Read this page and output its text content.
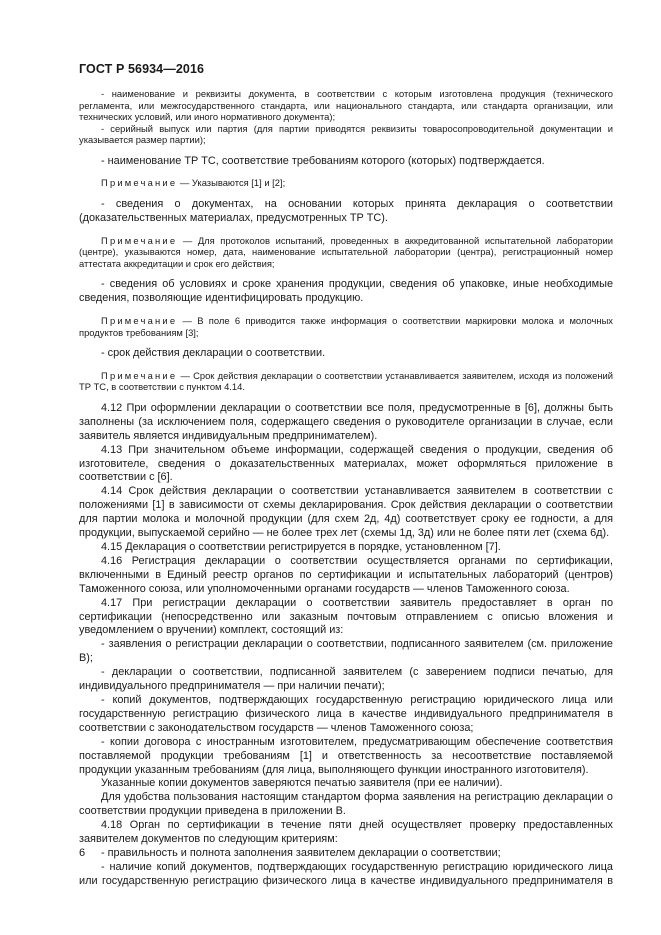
ГОСТ Р 56934—2016

- наименование и реквизиты документа, в соответствии с которым изготовлена продукция (технического регламента, или межгосударственного стандарта, или национального стандарта, или стандарта организации, или технических условий, или иного нормативного документа);

- серийный выпуск или партия (для партии приводятся реквизиты товаросопроводительной документации и указывается размер партии);

- наименование ТР ТС, соответствие требованиям которого (которых) подтверждается.

Примечание — Указываются [1] и [2];

- сведения о документах, на основании которых принята декларация о соответствии (доказательственных материалах, предусмотренных ТР ТС).

Примечание — Для протоколов испытаний, проведенных в аккредитованной испытательной лаборатории (центре), указываются номер, дата, наименование испытательной лаборатории (центра), регистрационный номер аттестата аккредитации и срок его действия;

- сведения об условиях и сроке хранения продукции, сведения об упаковке, иные необходимые сведения, позволяющие идентифицировать продукцию.

Примечание — В поле 6 приводится также информация о соответствии маркировки молока и молочных продуктов требованиям [3];

- срок действия декларации о соответствии.

Примечание — Срок действия декларации о соответствии устанавливается заявителем, исходя из положений ТР ТС, в соответствии с пунктом 4.14.

4.12 При оформлении декларации о соответствии все поля, предусмотренные в [6], должны быть заполнены (за исключением поля, содержащего сведения о руководителе организации в случае, если заявитель является индивидуальным предпринимателем).

4.13 При значительном объеме информации, содержащей сведения о продукции, сведения об изготовителе, сведения о доказательственных материалах, может оформляться приложение в соответствии с [6].

4.14 Срок действия декларации о соответствии устанавливается заявителем в соответствии с положениями [1] в зависимости от схемы декларирования. Срок действия декларации о соответствии для партии молока и молочной продукции (для схем 2д, 4д) соответствует сроку ее годности, а для продукции, выпускаемой серийно — не более трех лет (схемы 1д, 3д) или не более пяти лет (схема 6д).

4.15 Декларация о соответствии регистрируется в порядке, установленном [7].

4.16 Регистрация декларации о соответствии осуществляется органами по сертификации, включенными в Единый реестр органов по сертификации и испытательных лабораторий (центров) Таможенного союза, или уполномоченными органами государств — членов Таможенного союза.

4.17 При регистрации декларации о соответствии заявитель предоставляет в орган по сертификации (непосредственно или заказным почтовым отправлением с описью вложения и уведомлением о вручении) комплект, состоящий из:

- заявления о регистрации декларации о соответствии, подписанного заявителем (см. приложение В);

- декларации о соответствии, подписанной заявителем (с заверением подписи печатью, для индивидуального предпринимателя — при наличии печати);

- копий документов, подтверждающих государственную регистрацию юридического лица или государственную регистрацию физического лица в качестве индивидуального предпринимателя в соответствии с законодательством государств — членов Таможенного союза;

- копии договора с иностранным изготовителем, предусматривающим обеспечение соответствия поставляемой продукции требованиям [1] и ответственность за несоответствие поставляемой продукции указанным требованиям (для лица, выполняющего функции иностранного изготовителя).

Указанные копии документов заверяются печатью заявителя (при ее наличии).

Для удобства пользования настоящим стандартом форма заявления на регистрацию декларации о соответствии продукции приведена в приложении В.

4.18 Орган по сертификации в течение пяти дней осуществляет проверку предоставленных заявителем документов по следующим критериям:

- правильность и полнота заполнения заявителем декларации о соответствии;

- наличие копий документов, подтверждающих государственную регистрацию юридического лица или государственную регистрацию физического лица в качестве индивидуального предпринимателя в

6
